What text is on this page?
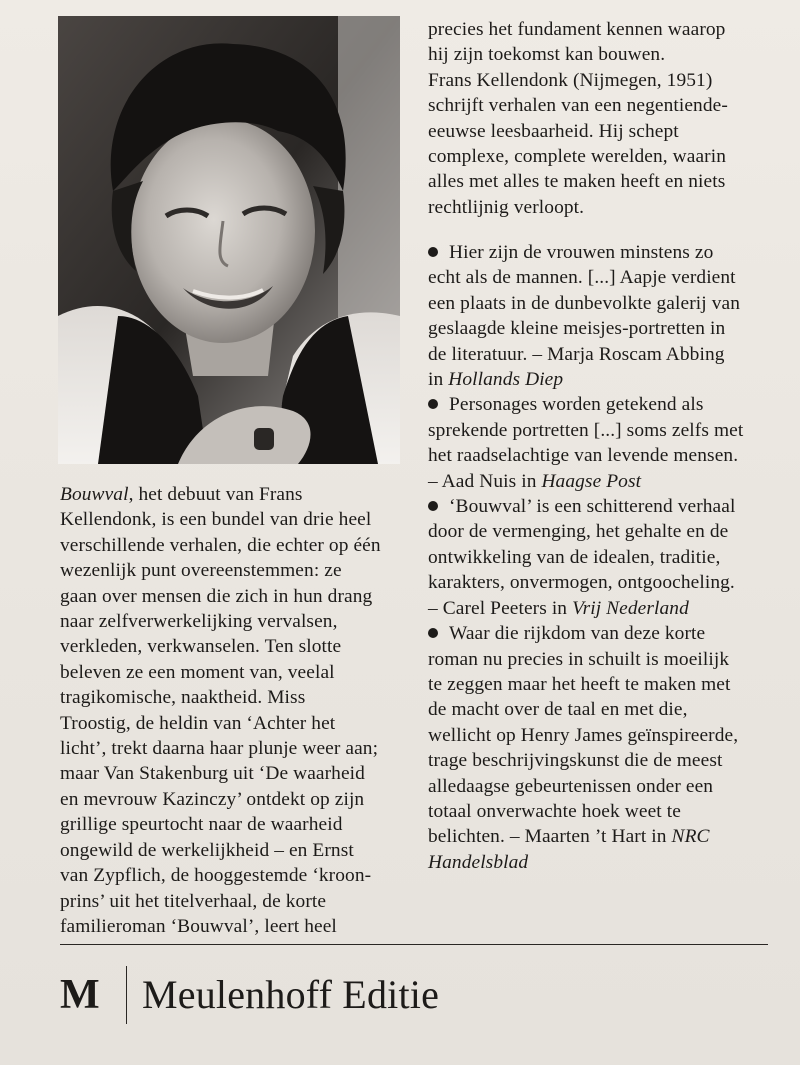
precies het fundament kennen waarop
hij zijn toekomst kan bouwen.
Frans Kellendonk (Nijmegen, 1951)
schrijft verhalen van een negentiende-
eeuwse leesbaarheid. Hij schept
complexe, complete werelden, waarin
alles met alles te maken heeft en niets
rechtlijnig verloopt.
Hier zijn de vrouwen minstens zo
echt als de mannen. [...] Aapje verdient
een plaats in de dunbevolkte galerij van
geslaagde kleine meisjes-portretten in
de literatuur. – Marja Roscam Abbing
in Hollands Diep
Personages worden getekend als
sprekende portretten [...] soms zelfs met
het raadselachtige van levende mensen.
– Aad Nuis in Haagse Post
‘Bouwval’ is een schitterend verhaal
door de vermenging, het gehalte en de
ontwikkeling van de idealen, traditie,
karakters, onvermogen, ontgoocheling.
– Carel Peeters in Vrij Nederland
Waar die rijkdom van deze korte
roman nu precies in schuilt is moeilijk
te zeggen maar het heeft te maken met
de macht over de taal en met die,
wellicht op Henry James geïnspireerde,
trage beschrijvingskunst die de meest
alledaagse gebeurtenissen onder een
totaal onverwachte hoek weet te
belichten. – Maarten ’t Hart in NRC
Handelsblad
Bouwval, het debuut van Frans
Kellendonk, is een bundel van drie heel
verschillende verhalen, die echter op één
wezenlijk punt overeenstemmen: ze
gaan over mensen die zich in hun drang
naar zelfverwerkelijking vervalsen,
verkleden, verkwanselen. Ten slotte
beleven ze een moment van, veelal
tragikomische, naaktheid. Miss
Troostig, de heldin van ‘Achter het
licht’, trekt daarna haar plunje weer aan;
maar Van Stakenburg uit ‘De waarheid
en mevrouw Kazinczy’ ontdekt op zijn
grillige speurtocht naar de waarheid
ongewild de werkelijkheid – en Ernst
van Zypflich, de hooggestemde ‘kroon-
prins’ uit het titelverhaal, de korte
familieroman ‘Bouwval’, leert heel
M Meulenhoff Editie
